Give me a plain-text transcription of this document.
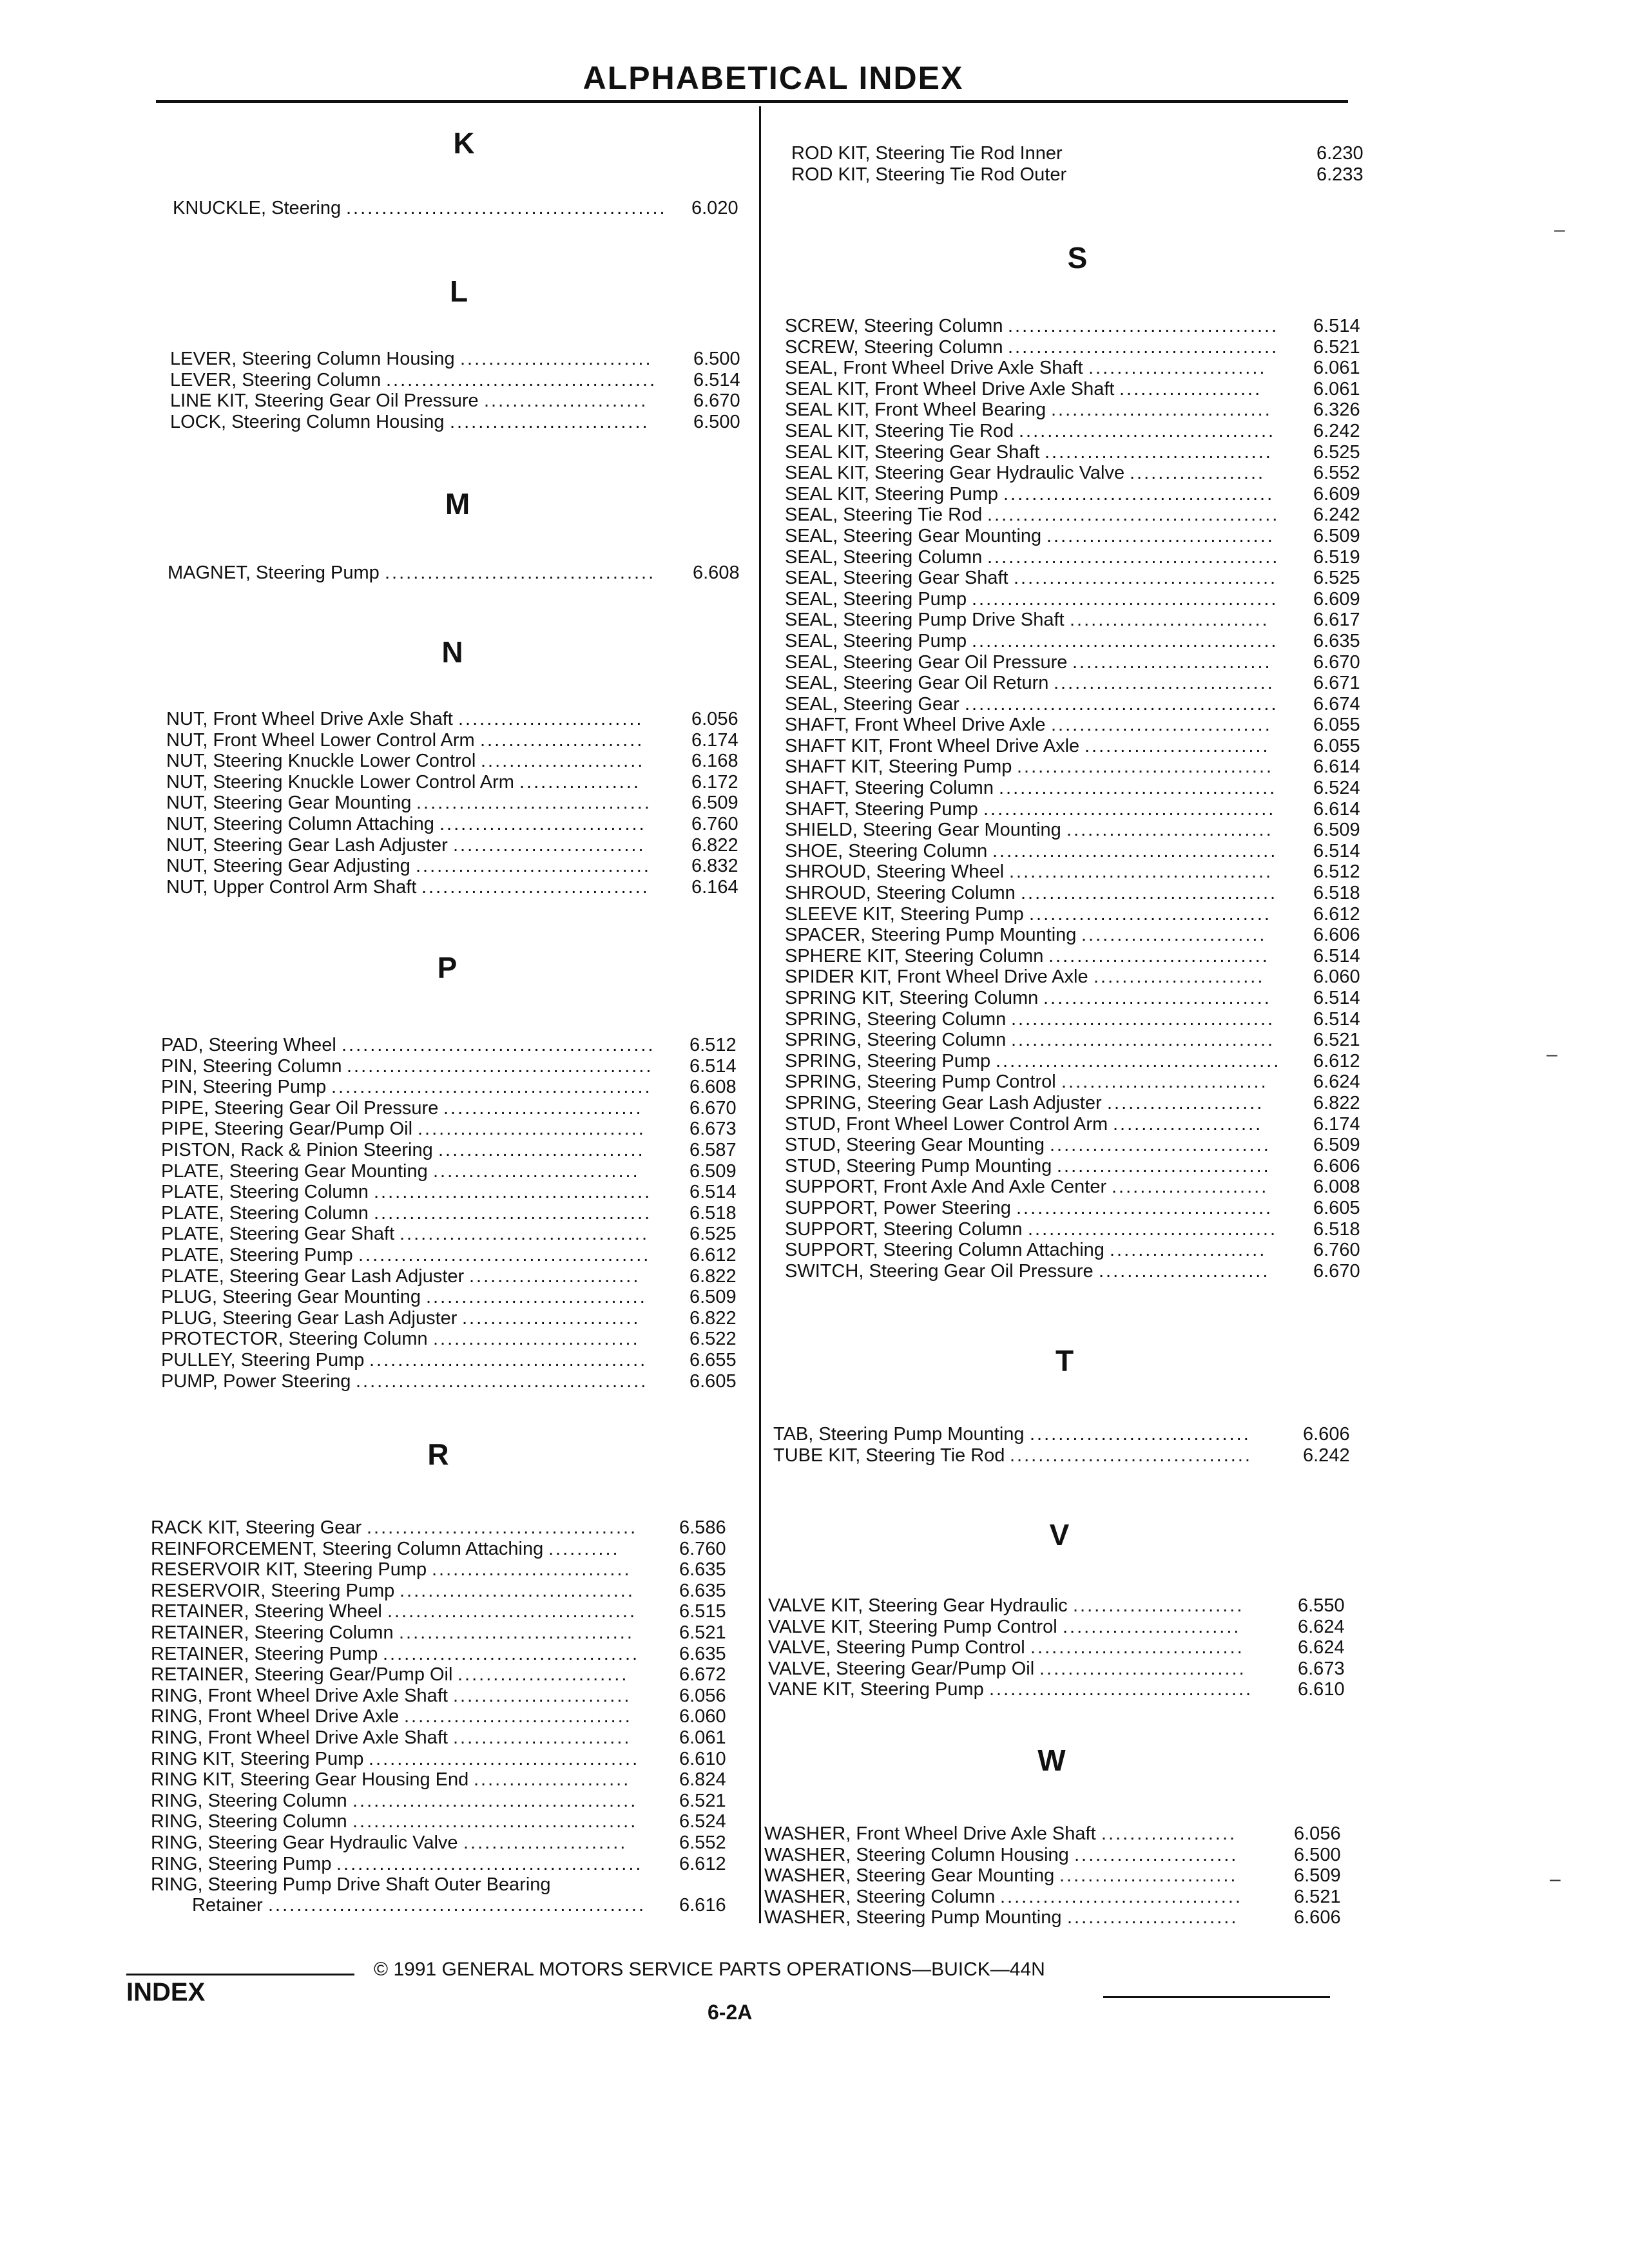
ALPHABETICAL INDEX
K
KNUCKLE, Steering ............................................. 6.020
L
LEVER, Steering Column Housing ........................... 6.500
LEVER, Steering Column ...................................... 6.514
LINE KIT, Steering Gear Oil Pressure ....................... 6.670
LOCK, Steering Column Housing ............................ 6.500
M
MAGNET, Steering Pump ...................................... 6.608
N
NUT, Front Wheel Drive Axle Shaft ..........................	6.056
NUT, Front Wheel Lower Control Arm .......................	6.174
NUT, Steering Knuckle Lower Control .......................	6.168
NUT, Steering Knuckle Lower Control Arm .................	6.172
NUT, Steering Gear Mounting ................................. 6.509
NUT, Steering Column Attaching ............................. 6.760
NUT, Steering Gear Lash Adjuster ........................... 6.822
NUT, Steering Gear Adjusting ................................. 6.832
NUT, Upper Control Arm Shaft ................................ 6.164
P
PAD, Steering Wheel ............................................ 6.512
PIN, Steering Column ........................................... 6.514
PIN, Steering Pump ............................................. 6.608
PIPE, Steering Gear Oil Pressure ............................ 6.670
PIPE, Steering Gear/Pump Oil ................................ 6.673
PISTON, Rack & Pinion Steering ............................. 6.587
PLATE, Steering Gear Mounting .............................	6.509
PLATE, Steering Column ....................................... 6.514
PLATE, Steering Column ....................................... 6.518
PLATE, Steering Gear Shaft ................................... 6.525
PLATE, Steering Pump ......................................... 6.612
PLATE, Steering Gear Lash Adjuster ........................	6.822
PLUG, Steering Gear Mounting ............................... 6.509
PLUG, Steering Gear Lash Adjuster .........................	6.822
PROTECTOR, Steering Column .............................	6.522
PULLEY, Steering Pump ....................................... 6.655
PUMP, Power Steering ......................................... 6.605
R
RACK KIT, Steering Gear ...................................... 6.586
REINFORCEMENT, Steering Column Attaching ..........	6.760
RESERVOIR KIT, Steering Pump ............................	6.635
RESERVOIR, Steering Pump ................................. 6.635
RETAINER, Steering Wheel ................................... 6.515
RETAINER, Steering Column ................................. 6.521
RETAINER, Steering Pump .................................... 6.635
RETAINER, Steering Gear/Pump Oil ........................	6.672
RING, Front Wheel Drive Axle Shaft .........................	6.056
RING, Front Wheel Drive Axle ................................	6.060
RING, Front Wheel Drive Axle Shaft .........................	6.061
RING KIT, Steering Pump ...................................... 6.610
RING KIT, Steering Gear Housing End ......................	6.824
RING, Steering Column ........................................ 6.521
RING, Steering Column ........................................ 6.524
RING, Steering Gear Hydraulic Valve .......................	6.552
RING, Steering Pump ........................................... 6.612
RING, Steering Pump Drive Shaft Outer Bearing
.....................................................
Retainer	6.616
ROD KIT, Steering Tie Rod Inner	6.230
ROD KIT, Steering Tie Rod Outer	6.233
S
SCREW, Steering Column ...................................... 6.514
SCREW, Steering Column ...................................... 6.521
SEAL, Front Wheel Drive Axle Shaft .........................	6.061
SEAL KIT, Front Wheel Drive Axle Shaft ....................	6.061
SEAL KIT, Front Wheel Bearing ............................... 6.326
SEAL KIT, Steering Tie Rod .................................... 6.242
SEAL KIT, Steering Gear Shaft ................................ 6.525
SEAL KIT, Steering Gear Hydraulic Valve ...................	6.552
SEAL KIT, Steering Pump ...................................... 6.609
SEAL, Steering Tie Rod ......................................... 6.242
SEAL, Steering Gear Mounting ................................ 6.509
SEAL, Steering Column ......................................... 6.519
SEAL, Steering Gear Shaft ..................................... 6.525
SEAL, Steering Pump ........................................... 6.609
SEAL, Steering Pump Drive Shaft ............................ 6.617
SEAL, Steering Pump ........................................... 6.635
SEAL, Steering Gear Oil Pressure ............................ 6.670
SEAL, Steering Gear Oil Return ............................... 6.671
SEAL, Steering Gear ............................................ 6.674
SHAFT, Front Wheel Drive Axle ............................... 6.055
SHAFT KIT, Front Wheel Drive Axle .......................... 6.055
SHAFT KIT, Steering Pump .................................... 6.614
SHAFT, Steering Column ....................................... 6.524
SHAFT, Steering Pump ......................................... 6.614
SHIELD, Steering Gear Mounting ............................. 6.509
SHOE, Steering Column ........................................ 6.514
SHROUD, Steering Wheel ..................................... 6.512
SHROUD, Steering Column .................................... 6.518
SLEEVE KIT, Steering Pump .................................. 6.612
SPACER, Steering Pump Mounting ..........................	6.606
SPHERE KIT, Steering Column ............................... 6.514
SPIDER KIT, Front Wheel Drive Axle ........................	6.060
SPRING KIT, Steering Column ................................ 6.514
SPRING, Steering Column ..................................... 6.514
SPRING, Steering Column ..................................... 6.521
SPRING, Steering Pump ........................................ 6.612
SPRING, Steering Pump Control ............................. 6.624
SPRING, Steering Gear Lash Adjuster ......................	6.822
STUD, Front Wheel Lower Control Arm .....................	6.174
STUD, Steering Gear Mounting ............................... 6.509
STUD, Steering Pump Mounting .............................. 6.606
SUPPORT, Front Axle And Axle Center ...................... 6.008
SUPPORT, Power Steering .................................... 6.605
SUPPORT, Steering Column ................................... 6.518
SUPPORT, Steering Column Attaching ......................	6.760
SWITCH, Steering Gear Oil Pressure ........................ 6.670
T
TAB, Steering Pump Mounting ...............................	6.606
TUBE KIT, Steering Tie Rod ..................................	6.242
V
VALVE KIT, Steering Gear Hydraulic ........................	6.550
VALVE KIT, Steering Pump Control .........................	6.624
VALVE, Steering Pump Control ..............................	6.624
VALVE, Steering Gear/Pump Oil .............................	6.673
VANE KIT, Steering Pump ..................................... 6.610
W
WASHER, Front Wheel Drive Axle Shaft ...................	6.056
WASHER, Steering Column Housing .......................	6.500
WASHER, Steering Gear Mounting .........................	6.509
WASHER, Steering Column ..................................	6.521
WASHER, Steering Pump Mounting ........................	6.606
–
–
–
© 1991 GENERAL MOTORS SERVICE PARTS OPERATIONS—BUICK—44N
INDEX
6-2A
